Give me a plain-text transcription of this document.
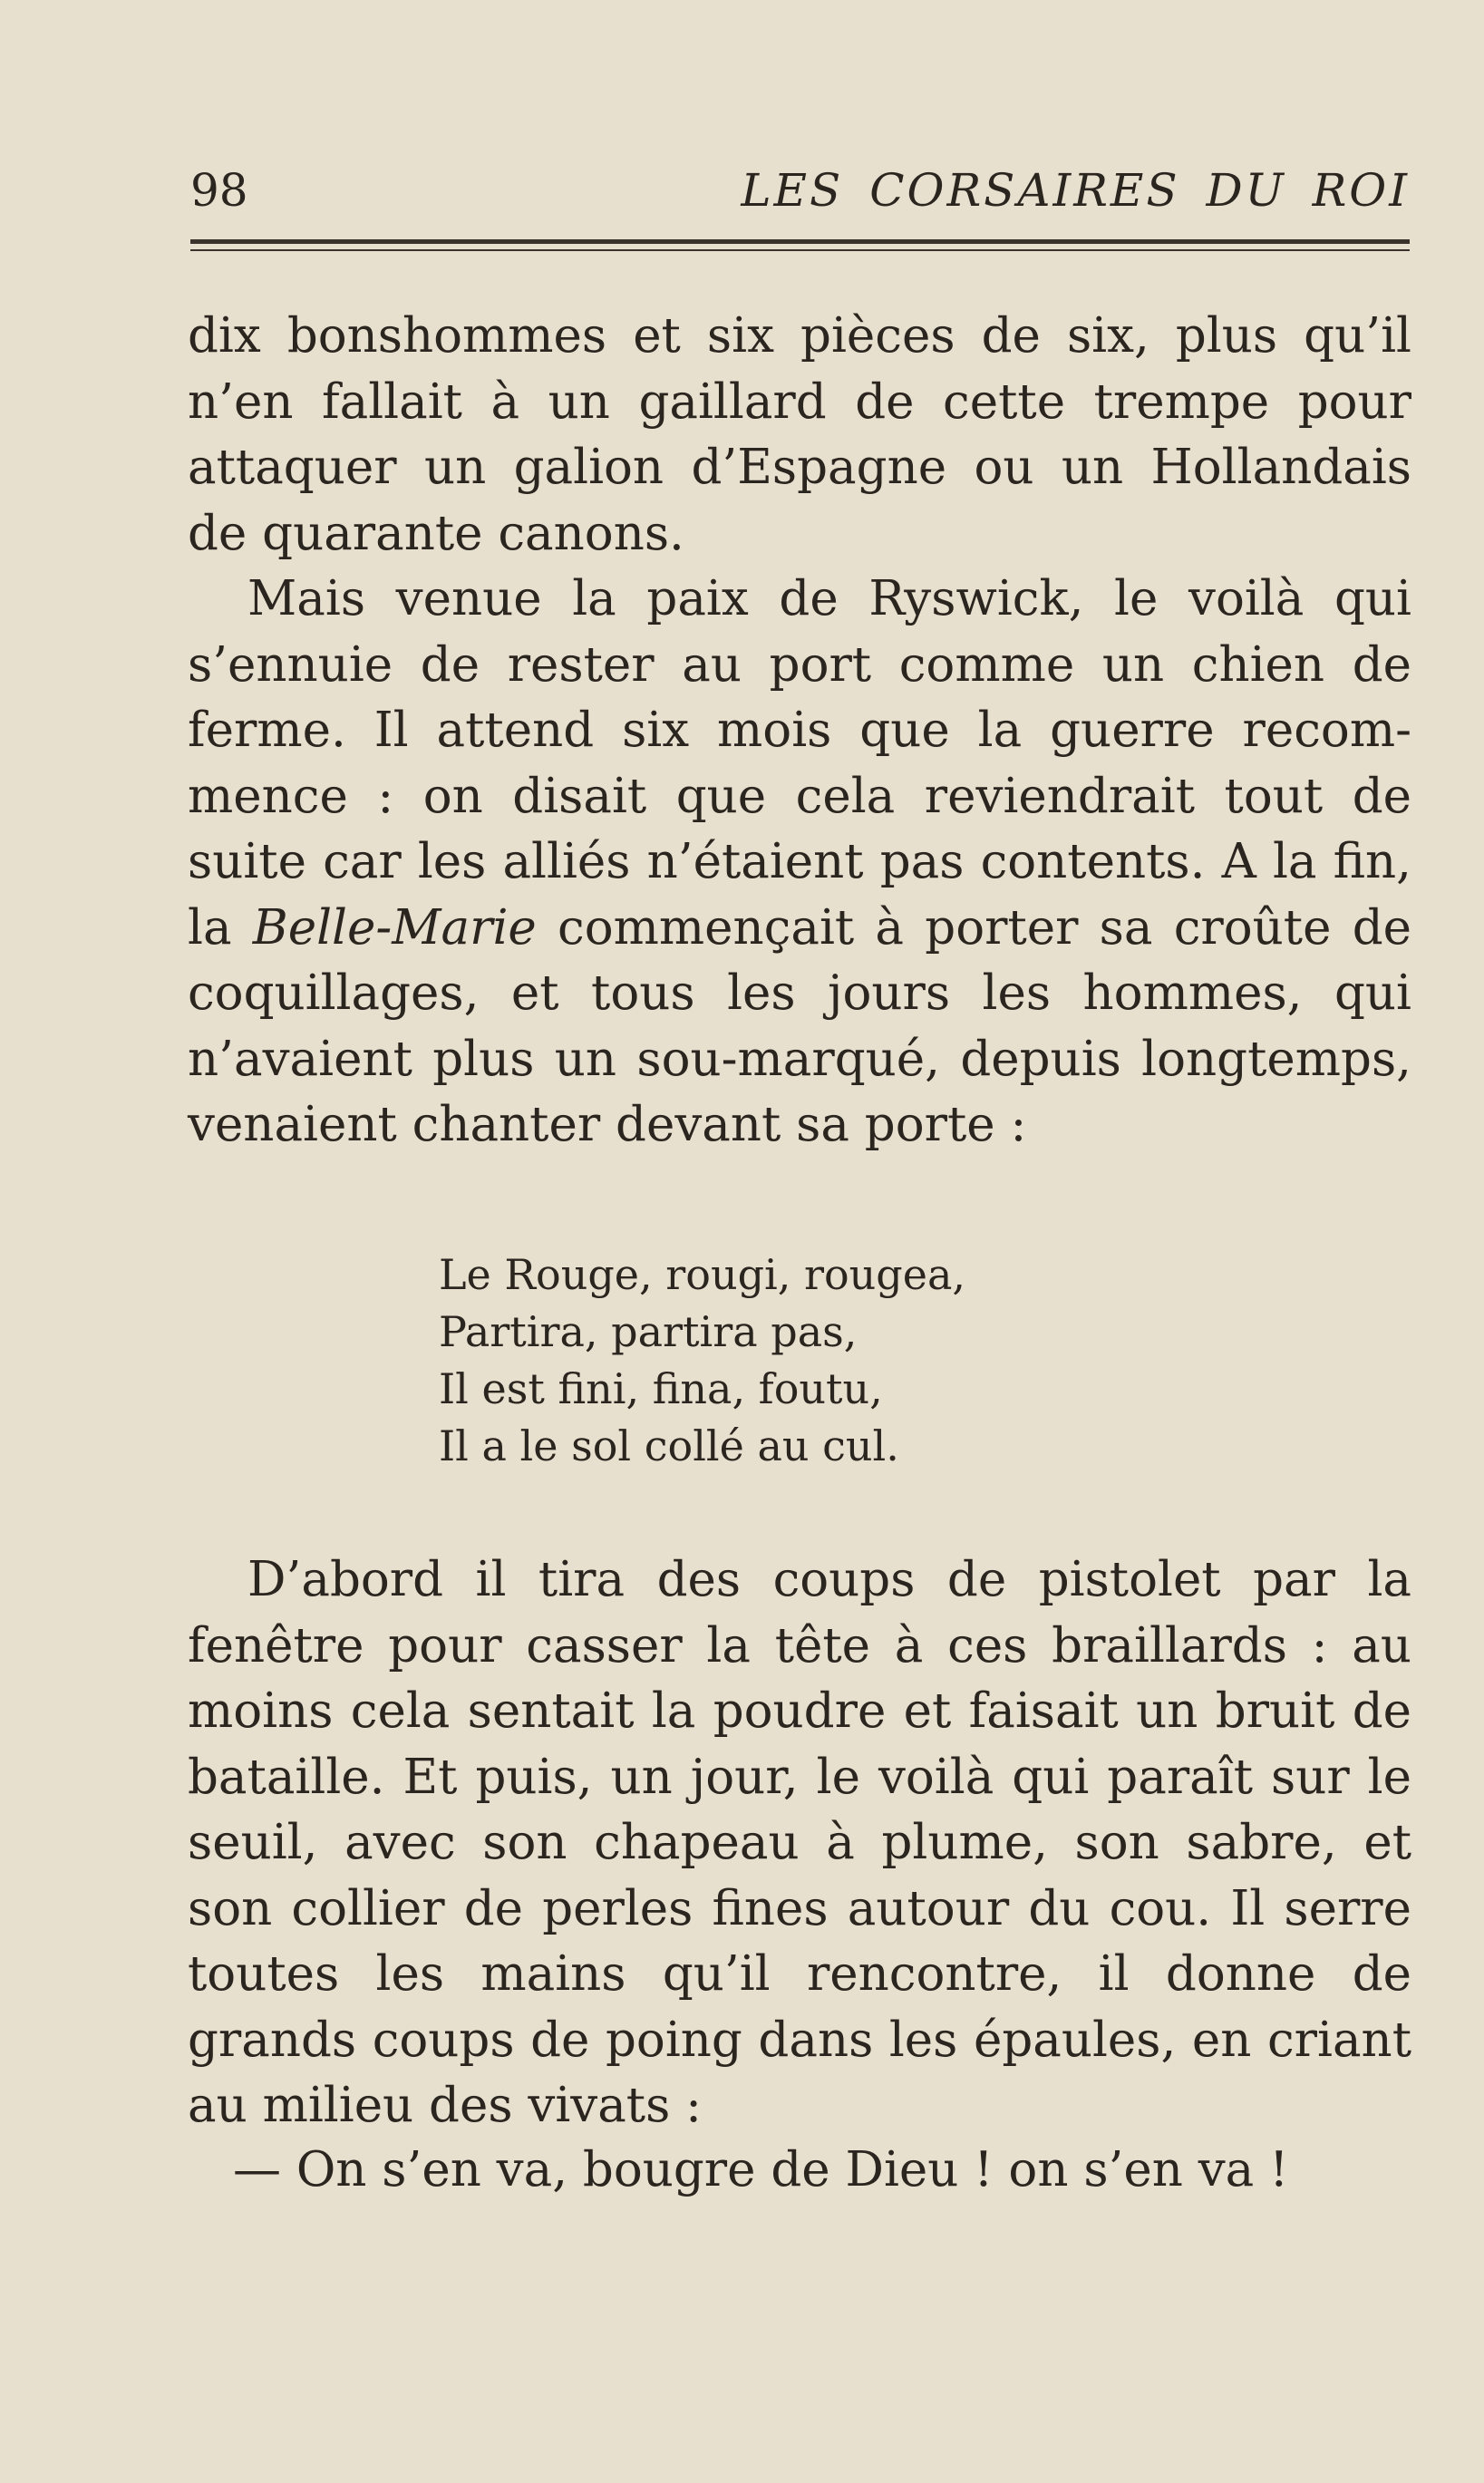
98	LES CORSAIRES DU ROI

dix bonshommes et six pièces de six, plus qu’il n’en fallait à un gaillard de cette trempe pour attaquer un galion d’Espagne ou un Hollandais de quarante canons.

Mais venue la paix de Ryswick, le voilà qui s’ennuie de rester au port comme un chien de ferme. Il attend six mois que la guerre recommence : on disait que cela reviendrait tout de suite car les alliés n’étaient pas contents. A la fin, la Belle-Marie commençait à porter sa croûte de coquillages, et tous les jours les hommes, qui n’avaient plus un sou-marqué, depuis longtemps, venaient chanter devant sa porte :

Le Rouge, rougi, rougea,
Partira, partira pas,
Il est fini, fina, foutu,
Il a le sol collé au cul.

D’abord il tira des coups de pistolet par la fenêtre pour casser la tête à ces braillards : au moins cela sentait la poudre et faisait un bruit de bataille. Et puis, un jour, le voilà qui paraît sur le seuil, avec son chapeau à plume, son sabre, et son collier de perles fines autour du cou. Il serre toutes les mains qu’il rencontre, il donne de grands coups de poing dans les épaules, en criant au milieu des vivats :

— On s’en va, bougre de Dieu ! on s’en va !
